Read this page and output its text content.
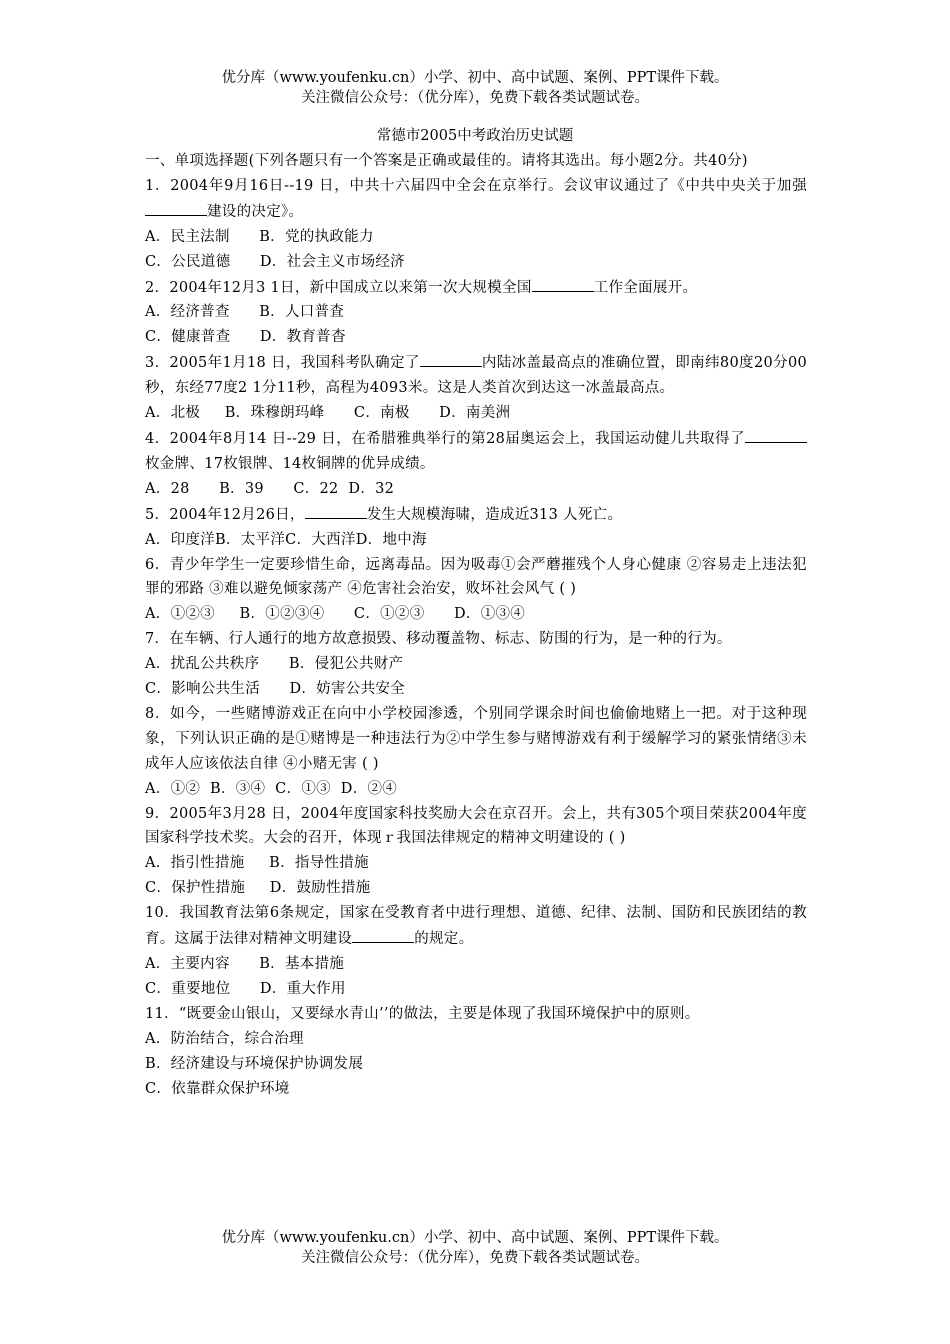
优分库（www.youfenku.cn）小学、初中、高中试题、案例、PPT课件下载。
关注微信公众号：（优分库），免费下载各类试题试卷。
常德市2005中考政治历史试题

一、单项选择题(下列各题只有一个答案是正确或最佳的。请将其选出。每小题2分。共40分)

1．2004年9月16日--19 日，中共十六届四中全会在京举行。会议审议通过了《中共中央关于加强建设的决定》。

A．民主法制      B．党的执政能力

C．公民道德      D．社会主义市场经济

2．2004年12月3 1日，新中国成立以来第一次大规模全国	工作全面展开。

A．经济普查      B．人口普査

C．健康普查      D．教育普杳

3．2005年1月18 日，我国科考队确定了	内陆冰盖最高点的准确位置，即南纬80度20分00秒，东经77度2 1分11秒，高程为4093米。这是人类首次到达这一冰盖最高点。

A．北极     B．珠穆朗玛峰      C．南极      D．南美洲

4．2004年8月14 日--29 日，在希腊雅典举行的第28届奥运会上，我国运动健儿共取得了枚金牌、17枚银牌、14枚铜牌的优异成绩。

A．28      B．39      C．22  D．32

5．2004年12月26日，	发生大规模海啸，造成近313 人死亡。

A．印度洋B．太平洋C．大西洋D．地中海

6．青少年学生一定要珍惜生命，远离毒品。因为吸毒①会严蘑摧残个人身心健康 ②容易走上违法犯罪的邪路 ③难以避免倾家荡产 ④危害社会治安，败坏社会风气 ( )

A．①②③     B．①②③④      C．①②③      D．①③④

7．在车辆、行人通行的地方故意损毁、移动覆盖物、标志、防围的行为，是一种的行为。

A．扰乱公共秩序      B．侵犯公共财产

C．影响公共生活      D．妨害公共安全

8．如今，一些赌博游戏正在向中小学校园渗透，个别同学课余时间也偷偷地赌上一把。对于这种现象，下列认识正确的是①赌博是一种违法行为②中学生参与赌博游戏有利于缓解学习的紧张情绪③未成年人应该依法自律 ④小赌无害 ( )

A．①②  B．③④  C．①③  D．②④

9．2005年3月28 日，2004年度国家科技奖励大会在京召开。会上，共有305个项目荣获2004年度国家科学技术奖。大会的召开，体现ｒ我国法律规定的精神文明建设的 ( )

A．指引性措施     B．指导性措施

C．保护性措施     D．鼓励性措施

10．我国教育法第6条规定，国家在受教育者中进行理想、道德、纪律、法制、国防和民族团结的教育。这属于法律对精神文明建设	的规定。

A．主要内容      B．基本措施

C．重要地位      D．重大作用

11．“既要金山银山，又要绿水青山’’的做法，主要是体现了我国环境保护中的原则。

A．防治结合，综合治理

B．经济建设与环境保护协调发展

C．依靠群众保护环境

优分库（www.youfenku.cn）小学、初中、高中试题、案例、PPT课件下载。
关注微信公众号：（优分库），免费下载各类试题试卷。
